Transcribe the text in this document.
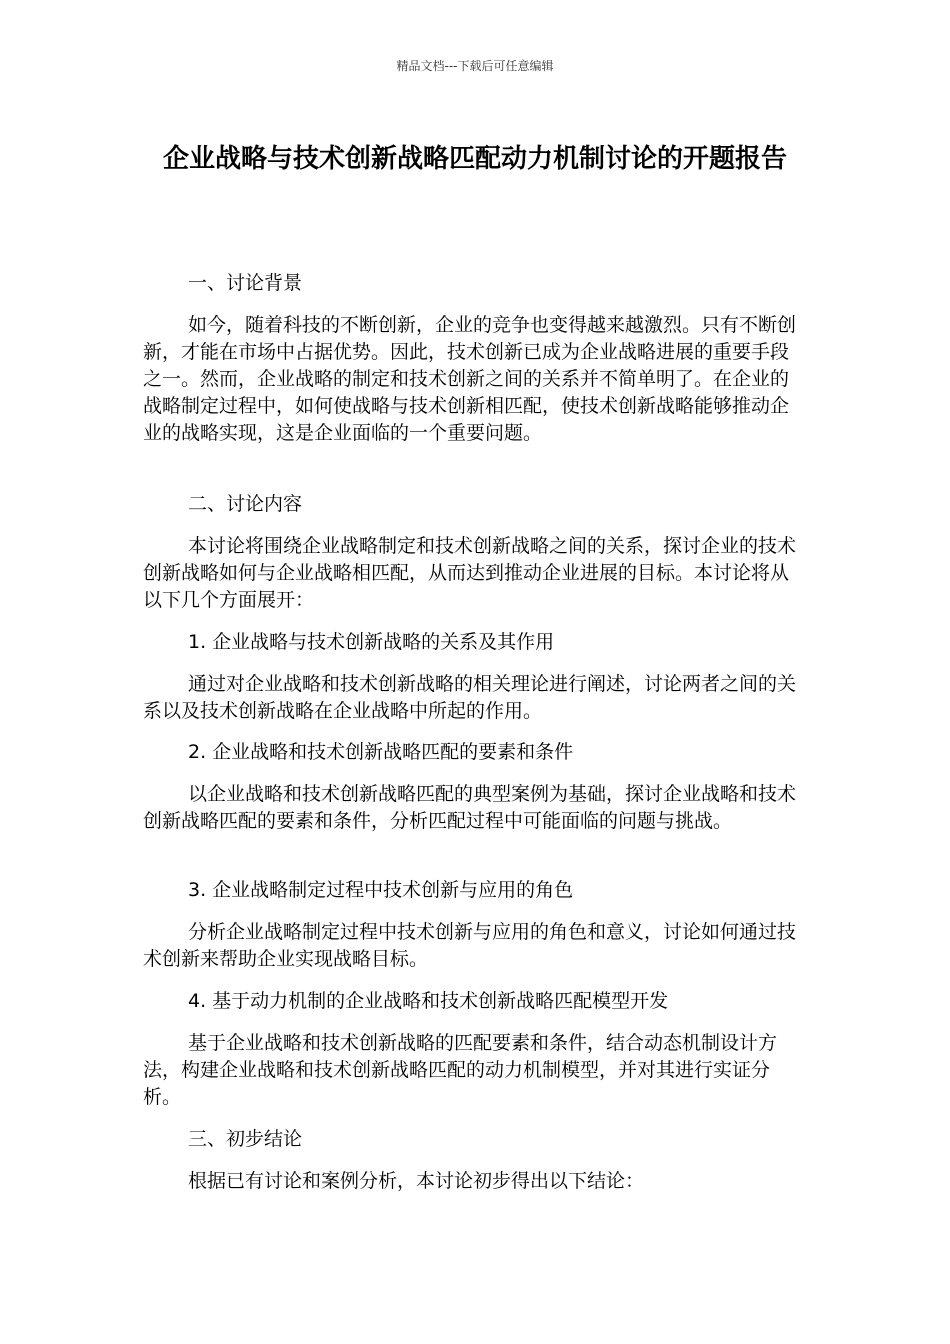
精品文档---下载后可任意编辑
企业战略与技术创新战略匹配动力机制讨论的开题报告

一、讨论背景

如今，随着科技的不断创新，企业的竞争也变得越来越激烈。只有不断创新，才能在市场中占据优势。因此，技术创新已成为企业战略进展的重要手段之一。然而，企业战略的制定和技术创新之间的关系并不简单明了。在企业的战略制定过程中，如何使战略与技术创新相匹配，使技术创新战略能够推动企业的战略实现，这是企业面临的一个重要问题。

二、讨论内容

本讨论将围绕企业战略制定和技术创新战略之间的关系，探讨企业的技术创新战略如何与企业战略相匹配，从而达到推动企业进展的目标。本讨论将从以下几个方面展开：

1. 企业战略与技术创新战略的关系及其作用

通过对企业战略和技术创新战略的相关理论进行阐述，讨论两者之间的关系以及技术创新战略在企业战略中所起的作用。

2. 企业战略和技术创新战略匹配的要素和条件

以企业战略和技术创新战略匹配的典型案例为基础，探讨企业战略和技术创新战略匹配的要素和条件，分析匹配过程中可能面临的问题与挑战。

3. 企业战略制定过程中技术创新与应用的角色

分析企业战略制定过程中技术创新与应用的角色和意义，讨论如何通过技术创新来帮助企业实现战略目标。

4. 基于动力机制的企业战略和技术创新战略匹配模型开发

基于企业战略和技术创新战略的匹配要素和条件，结合动态机制设计方法，构建企业战略和技术创新战略匹配的动力机制模型，并对其进行实证分析。

三、初步结论

根据已有讨论和案例分析，本讨论初步得出以下结论：
